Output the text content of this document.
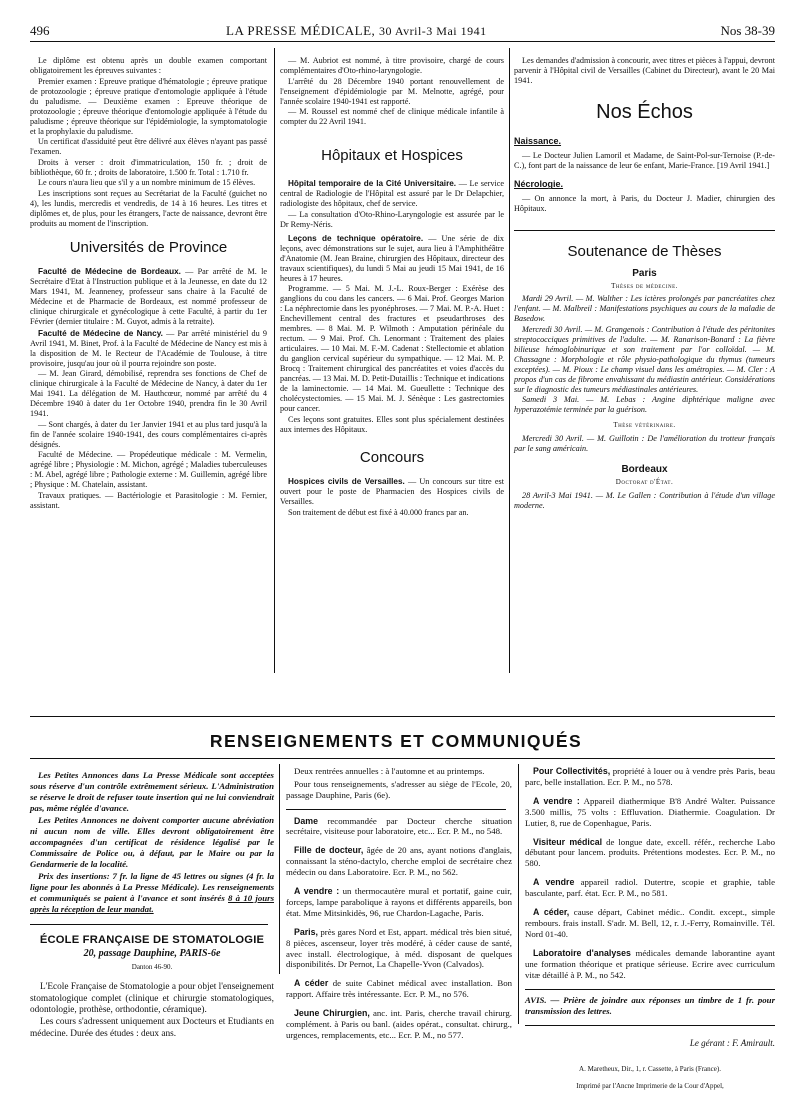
496	LA PRESSE MÉDICALE, 30 Avril-3 Mai 1941	Nos 38-39

Le diplôme est obtenu après un double examen comportant obligatoirement les épreuves suivantes :

Premier examen : Epreuve pratique d'hématologie ; épreuve pratique de protozoologie ; épreuve pratique d'entomologie appliquée à l'étude du paludisme. — Deuxième examen : Epreuve théorique de protozoologie ; épreuve théorique d'entomologie appliquée à l'étude du paludisme ; épreuve théorique sur l'épidémiologie, la symptomatologie et la prophylaxie du paludisme.

Un certificat d'assiduité peut être délivré aux élèves n'ayant pas passé l'examen.

Droits à verser : droit d'immatriculation, 150 fr. ; droit de bibliothèque, 60 fr. ; droits de laboratoire, 1.500 fr. Total : 1.710 fr.

Le cours n'aura lieu que s'il y a un nombre minimum de 15 élèves.

Les inscriptions sont reçues au Secrétariat de la Faculté (guichet no 4), les lundis, mercredis et vendredis, de 14 à 16 heures. Les titres et diplômes et, de plus, pour les étrangers, l'acte de naissance, devront être produits au moment de l'inscription.

Universités de Province

Faculté de Médecine de Bordeaux. — Par arrêté de M. le Secrétaire d'Etat à l'Instruction publique et à la Jeunesse, en date du 12 Mars 1941, M. Jeanneney, professeur sans chaire à la Faculté de Médecine et de Pharmacie de Bordeaux, est nommé professeur de clinique chirurgicale et gynécologique à cette Faculté, à partir du 1er Février (dernier titulaire : M. Guyot, admis à la retraite).

Faculté de Médecine de Nancy. — Par arrêté ministériel du 9 Avril 1941, M. Binet, Prof. à la Faculté de Médecine de Nancy est mis à la disposition de M. le Recteur de l'Académie de Toulouse, à titre provisoire, jusqu'au jour où il pourra rejoindre son poste.

— M. Jean Girard, démobilisé, reprendra ses fonctions de Chef de clinique chirurgicale à la Faculté de Médecine de Nancy, à dater du 1er Mai 1941. La délégation de M. Hauthcœur, nommé par arrêté du 4 Décembre 1940 à dater du 1er Octobre 1940, prendra fin le 30 Avril 1941.

— Sont chargés, à dater du 1er Janvier 1941 et au plus tard jusqu'à la fin de l'année scolaire 1940-1941, des cours complémentaires ci-après désignés.

Faculté de Médecine. — Propédeutique médicale : M. Vermelin, agrégé libre ; Physiologie : M. Michon, agrégé ; Maladies tuberculeuses : M. Abel, agrégé libre ; Pathologie externe : M. Guillemin, agrégé libre ; Physique : M. Chatelain, assistant.

Travaux pratiques. — Bactériologie et Parasitologie : M. Fernier, assistant.

— M. Aubriot est nommé, à titre provisoire, chargé de cours complémentaires d'Oto-rhino-laryngologie.

L'arrêté du 28 Décembre 1940 portant renouvellement de l'enseignement d'épidémiologie par M. Melnotte, agrégé, pour l'année scolaire 1940-1941 est rapporté.

— M. Roussel est nommé chef de clinique médicale infantile à compter du 22 Avril 1941.

Hôpitaux et Hospices

Hôpital temporaire de la Cité Universitaire. — Le service central de Radiologie de l'Hôpital est assuré par le Dr Delapchier, radiologiste des hôpitaux, chef de service.

— La consultation d'Oto-Rhino-Laryngologie est assurée par le Dr Remy-Néris.

Leçons de technique opératoire. — Une série de dix leçons, avec démonstrations sur le sujet, aura lieu à l'Amphithéâtre d'Anatomie (M. Jean Braine, chirurgien des Hôpitaux, directeur des travaux scientifiques), du lundi 5 Mai au jeudi 15 Mai 1941, de 16 heures à 17 heures.

Programme. — 5 Mai. M. J.-L. Roux-Berger : Exérèse des ganglions du cou dans les cancers. — 6 Mai. Prof. Georges Marion : La néphrectomie dans les pyonéphroses. — 7 Mai. M. P.-A. Huet : Enchevillement central des fractures et pseudarthroses des membres. — 8 Mai. M. P. Wilmoth : Amputation périnéale du rectum. — 9 Mai. Prof. Ch. Lenormant : Traitement des plaies articulaires. — 10 Mai. M. F.-M. Cadenat : Stellectomie et ablation du ganglion cervical supérieur du sympathique. — 12 Mai. M. P. Brocq : Traitement chirurgical des pancréatites et voies d'accès du pancréas. — 13 Mai. M. D. Petit-Dutaillis : Technique et indications de la laminectomie. — 14 Mai. M. Gueullette : Technique des cholécystectomies. — 15 Mai. M. J. Sénèque : Les gastrectomies pour cancer.

Ces leçons sont gratuites. Elles sont plus spécialement destinées aux internes des Hôpitaux.

Concours

Hospices civils de Versailles. — Un concours sur titre est ouvert pour le poste de Pharmacien des Hospices civils de Versailles.

Son traitement de début est fixé à 40.000 francs par an.

Les demandes d'admission à concourir, avec titres et pièces à l'appui, devront parvenir à l'Hôpital civil de Versailles (Cabinet du Directeur), avant le 20 Mai 1941.

Nos Échos
Naissance.

— Le Docteur Julien Lamoril et Madame, de Saint-Pol-sur-Ternoise (P.-de-C.), font part de la naissance de leur 6e enfant, Marie-France. [19 Avril 1941.]

Nécrologie.

— On annonce la mort, à Paris, du Docteur J. Madier, chirurgien des Hôpitaux.

Soutenance de Thèses
Paris
Thèses de médecine.

Mardi 29 Avril. — M. Walther : Les ictères prolongés par pancréatites chez l'enfant. — M. Malbreil : Manifestations psychiques au cours de la maladie de Basedow.

Mercredi 30 Avril. — M. Grangenois : Contribution à l'étude des péritonites streptococciques primitives de l'adulte. — M. Ranarison-Bonard : La fièvre bilieuse hémoglobinurique et son traitement par l'or colloïdal. — M. Chassagne : Morphologie et rôle physio-pathologique du thymus (tumeurs exceptées). — M. Pioux : Le champ visuel dans les amétropies. — M. Cler : A propos d'un cas de fibrome envahissant du médiastin antérieur. Considérations sur le diagnostic des tumeurs médiastinales antérieures.

Samedi 3 Mai. — M. Lebas : Angine diphtérique maligne avec hyperazotémie terminée par la guérison.

Thèse vétérinaire.

Mercredi 30 Avril. — M. Guillotin : De l'amélioration du trotteur français par le sang américain.

Bordeaux
Doctorat d'État.

28 Avril-3 Mai 1941. — M. Le Gallen : Contribution à l'étude d'un village moderne.

RENSEIGNEMENTS ET COMMUNIQUÉS

Les Petites Annonces dans La Presse Médicale sont acceptées sous réserve d'un contrôle extrêmement sérieux. L'Administration se réserve le droit de refuser toute insertion qui ne lui conviendrait pas, même réglée d'avance.

Les Petites Annonces ne doivent comporter aucune abréviation ni aucun nom de ville. Elles devront obligatoirement être accompagnées d'un certificat de résidence légalisé par le Commissaire de Police ou, à défaut, par le Maire ou par la Gendarmerie de la localité.

Prix des insertions: 7 fr. la ligne de 45 lettres ou signes (4 fr. la ligne pour les abonnés à La Presse Médicale). Les renseignements et communiqués se paient à l'avance et sont insérés 8 à 10 jours après la réception de leur mandat.

ÉCOLE FRANÇAISE DE STOMATOLOGIE
20, passage Dauphine, PARIS-6e
Danton 46-90.

L'Ecole Française de Stomatologie a pour objet l'enseignement stomatologique complet (clinique et chirurgie stomatologiques, odontologie, prothèse, orthodontie, céramique).

Les cours s'adressent uniquement aux Docteurs et Etudiants en médecine. Durée des études : deux ans.

Deux rentrées annuelles : à l'automne et au printemps.

Pour tous renseignements, s'adresser au siège de l'Ecole, 20, passage Dauphine, Paris (6e).

Dame recommandée par Docteur cherche situation secrétaire, visiteuse pour laboratoire, etc... Ecr. P. M., no 548.

Fille de docteur, âgée de 20 ans, ayant notions d'anglais, connaissant la sténo-dactylo, cherche emploi de secrétaire chez médecin ou dans Laboratoire. Ecr. P. M., no 562.

A vendre : un thermocautère mural et portatif, gaine cuir, forceps, lampe parabolique à rayons et différents appareils, bon état. Mme Mitsinkidès, 96, rue Chardon-Lagache, Paris.

Paris, près gares Nord et Est, appart. médical très bien situé, 8 pièces, ascenseur, loyer très modéré, à céder cause de santé, avec install. électrologique, à méd. disposant de quelques disponibilités. Dr Pernot, La Chapelle-Yvon (Calvados).

A céder de suite Cabinet médical avec installation. Bon rapport. Affaire très intéressante. Ecr. P. M., no 576.

Jeune Chirurgien, anc. int. Paris, cherche travail chirurg. complément. à Paris ou banl. (aides opérat., consultat. chirurg., urgences, remplacements, etc... Ecr. P. M., no 577.

Pour Collectivités, propriété à louer ou à vendre près Paris, beau parc, belle installation. Ecr. P. M., no 578.

A vendre : Appareil diathermique B'8 André Walter. Puissance 3.500 millis, 75 volts : Effluvation. Diathermie. Coagulation. Dr Lutier, 8, rue de Copenhague, Paris.

Visiteur médical de longue date, excell. référ., recherche Labo débutant pour lancem. produits. Prétentions modestes. Ecr. P. M., no 580.

A vendre appareil radiol. Dutertre, scopie et graphie, table basculante, parf. état. Ecr. P. M., no 581.

A céder, cause départ, Cabinet médic.. Condit. except., simple rembours. frais install. S'adr. M. Bell, 12, r. J.-Ferry, Romainville. Tél. Nord 01-40.

Laboratoire d'analyses médicales demande laborantine ayant une formation théorique et pratique sérieuse. Ecrire avec curriculum vitæ détaillé à P. M., no 542.

AVIS. — Prière de joindre aux réponses un timbre de 1 fr. pour transmission des lettres.

Le gérant : F. Amirault.

A. Maretheux, Dir., 1, r. Cassette, à Paris (France).

Imprimé par l'Ancne Imprimerie de la Cour d'Appel,
